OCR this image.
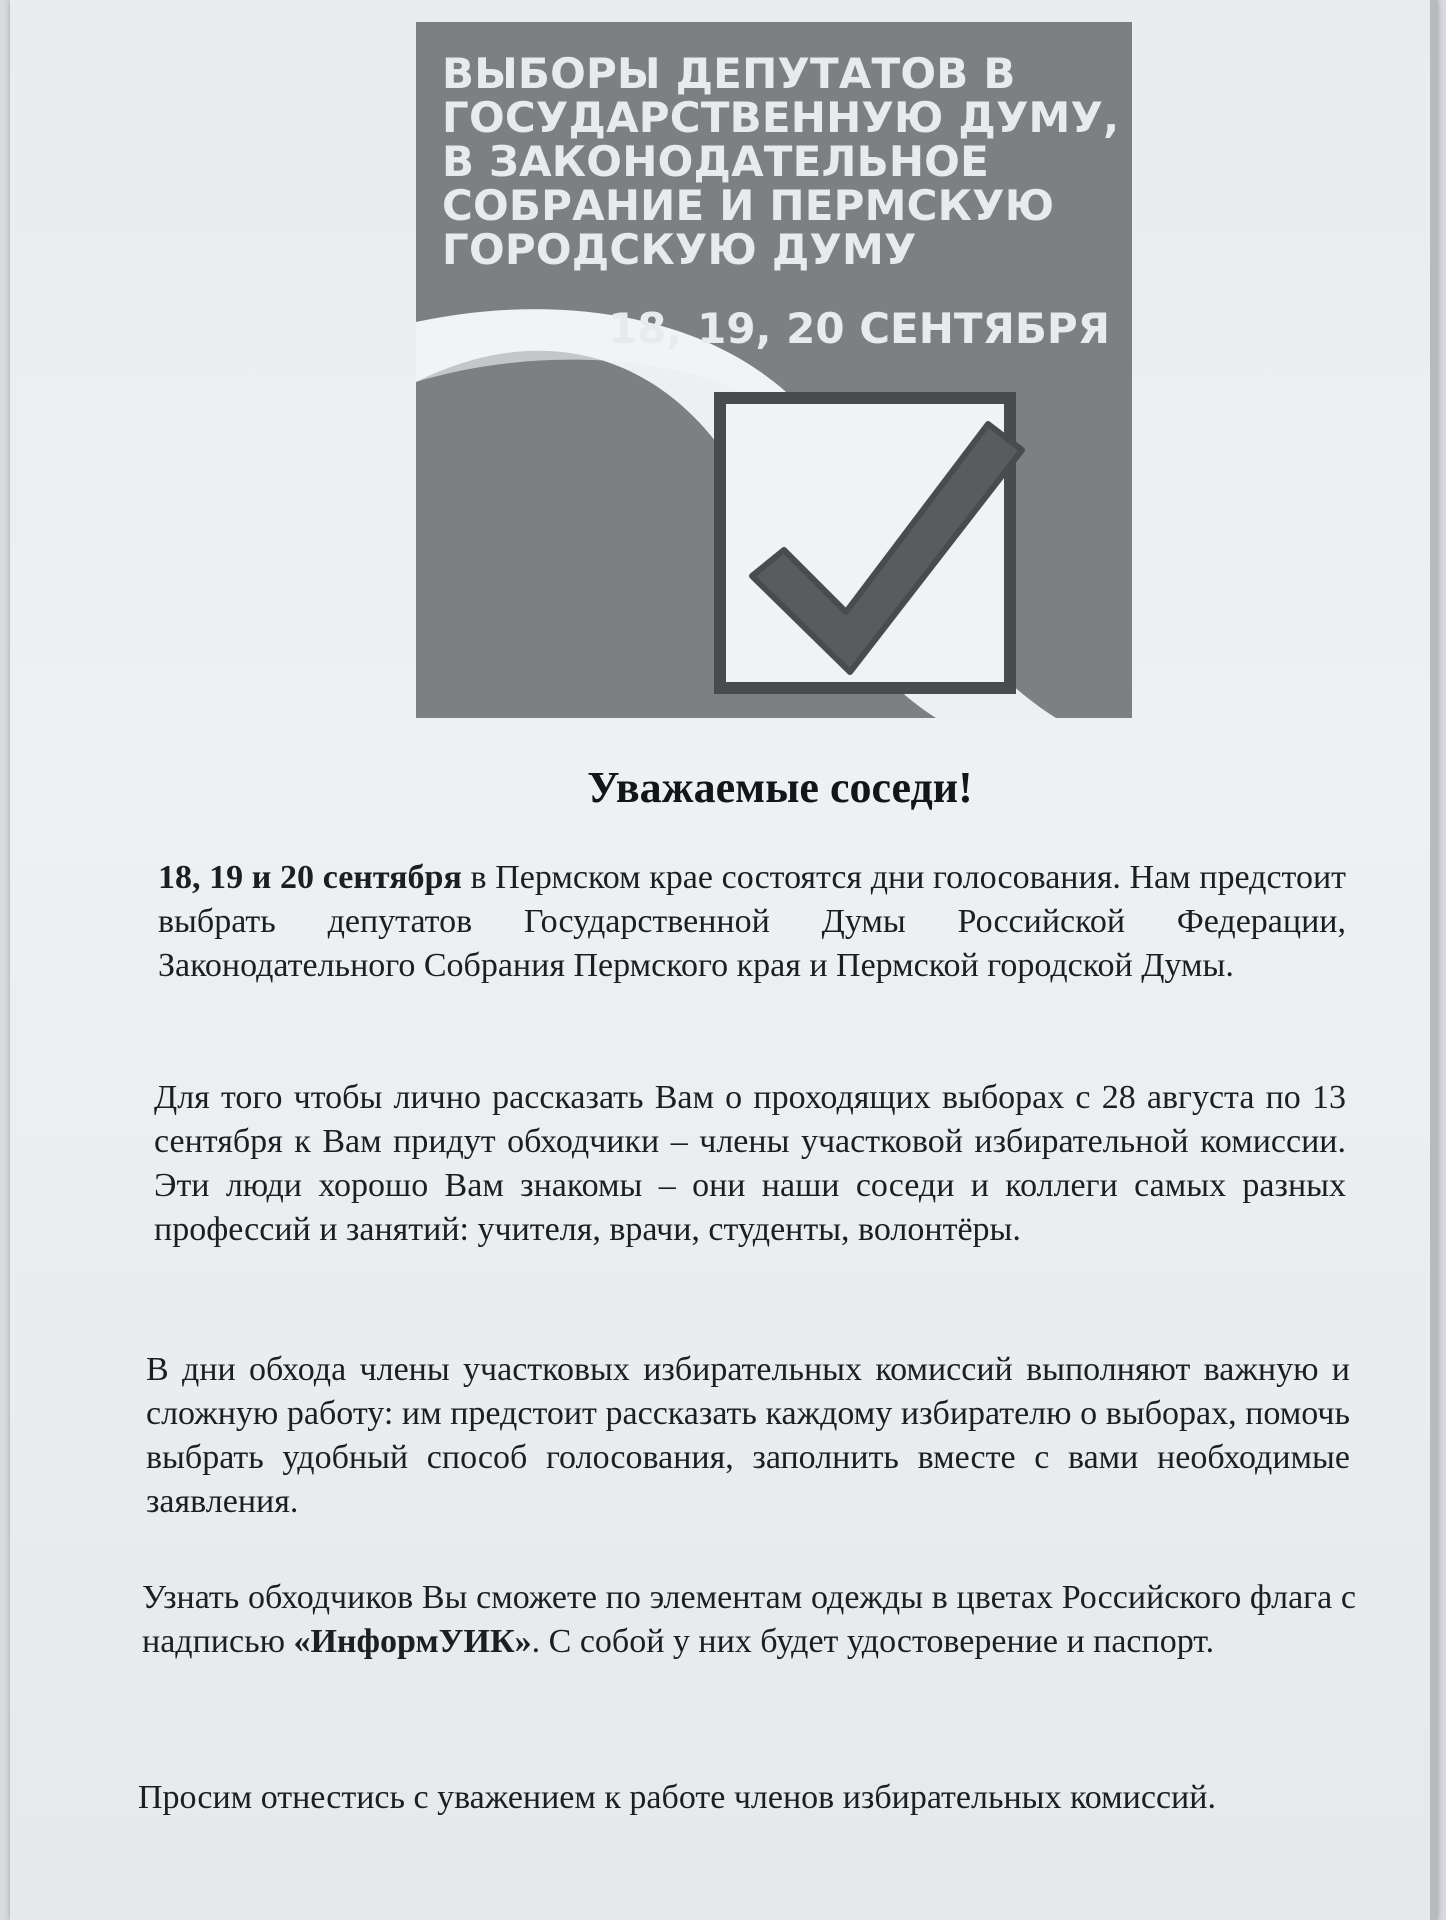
ВЫБОРЫ ДЕПУТАТОВ В
ГОСУДАРСТВЕННУЮ ДУМУ,
В ЗАКОНОДАТЕЛЬНОЕ
СОБРАНИЕ И ПЕРМСКУЮ
ГОРОДСКУЮ ДУМУ

18, 19, 20 СЕНТЯБРЯ

Уважаемые соседи!

18, 19 и 20 сентября в Пермском крае состоятся дни голосования. Нам предстоит выбрать депутатов Государственной Думы Российской Федерации, Законодательного Собрания Пермского края и Пермской городской Думы.

Для того чтобы лично рассказать Вам о проходящих выборах с 28 августа по 13 сентября к Вам придут обходчики – члены участковой избирательной комиссии. Эти люди хорошо Вам знакомы – они наши соседи и коллеги самых разных профессий и занятий: учителя, врачи, студенты, волонтёры.

В дни обхода члены участковых избирательных комиссий выполняют важную и сложную работу: им предстоит рассказать каждому избирателю о выборах, помочь выбрать удобный способ голосования, заполнить вместе с вами необходимые заявления.

Узнать обходчиков Вы сможете по элементам одежды в цветах Российского флага с надписью «ИнформУИК». С собой у них будет удостоверение и паспорт.

Просим отнестись с уважением к работе членов избирательных комиссий.
